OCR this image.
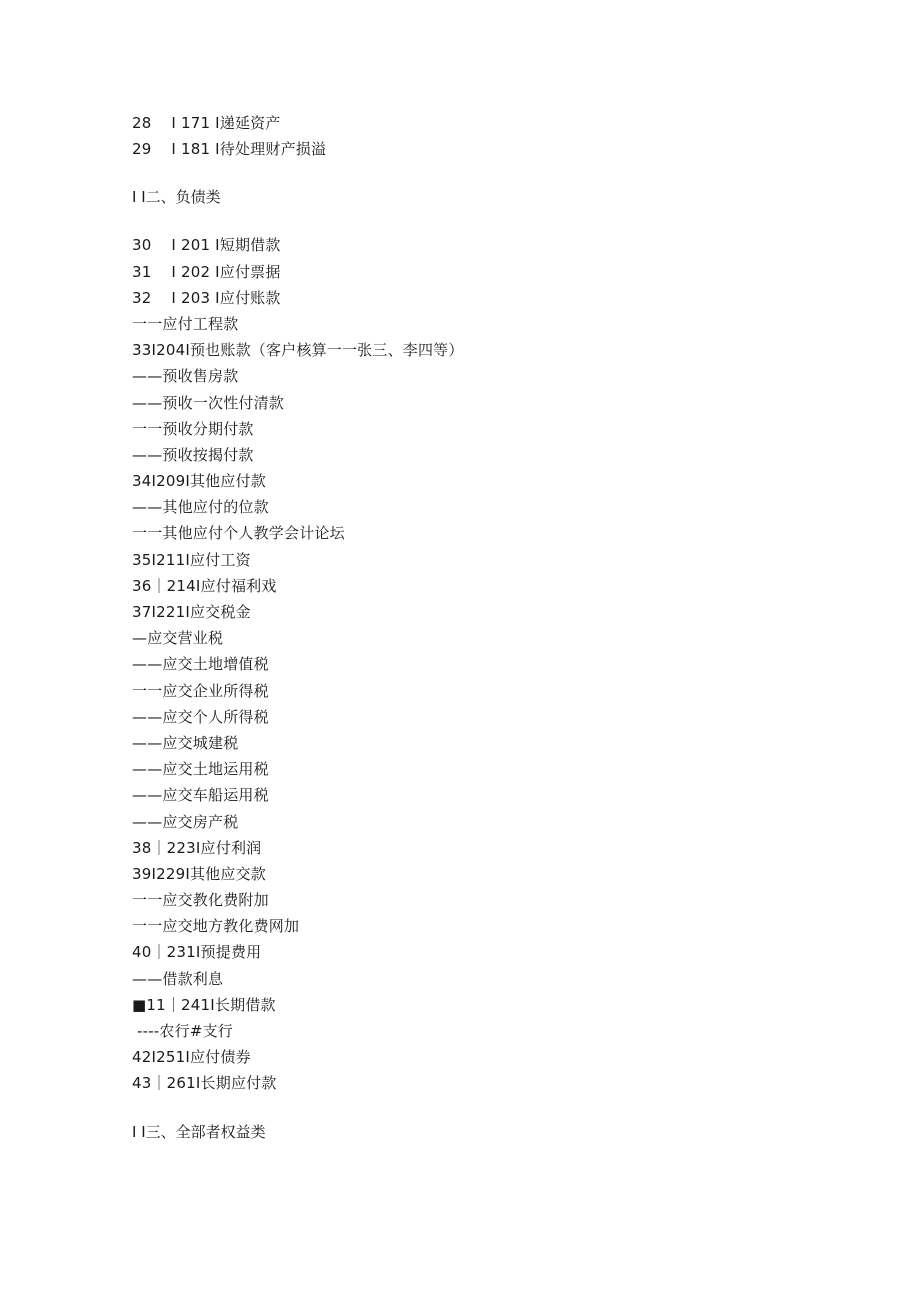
28    I 171 I递延资产
29    I 181 I待处理财产损溢
I I二、负债类
30    I 201 I短期借款
31    I 202 I应付票据
32    I 203 I应付账款
一一应付工程款
33I204I预也账款（客户核算一一张三、李四等）
——预收售房款
——预收一次性付清款
一一预收分期付款
——预收按揭付款
34I209I其他应付款
——其他应付的位款
一一其他应付个人教学会计论坛
35I211I应付工资
36｜214I应付福利戏
37I221I应交税金
—应交营业税
——应交土地增值税
一一应交企业所得税
——应交个人所得税
——应交城建税
——应交土地运用税
——应交车船运用税
——应交房产税
38｜223I应付利润
39I229I其他应交款
一一应交教化费附加
一一应交地方教化费网加
40｜231I预提费用
——借款利息
■11｜241I长期借款
----农行#支行
42I251I应付债券
43｜261I长期应付款
I I三、全部者权益类
